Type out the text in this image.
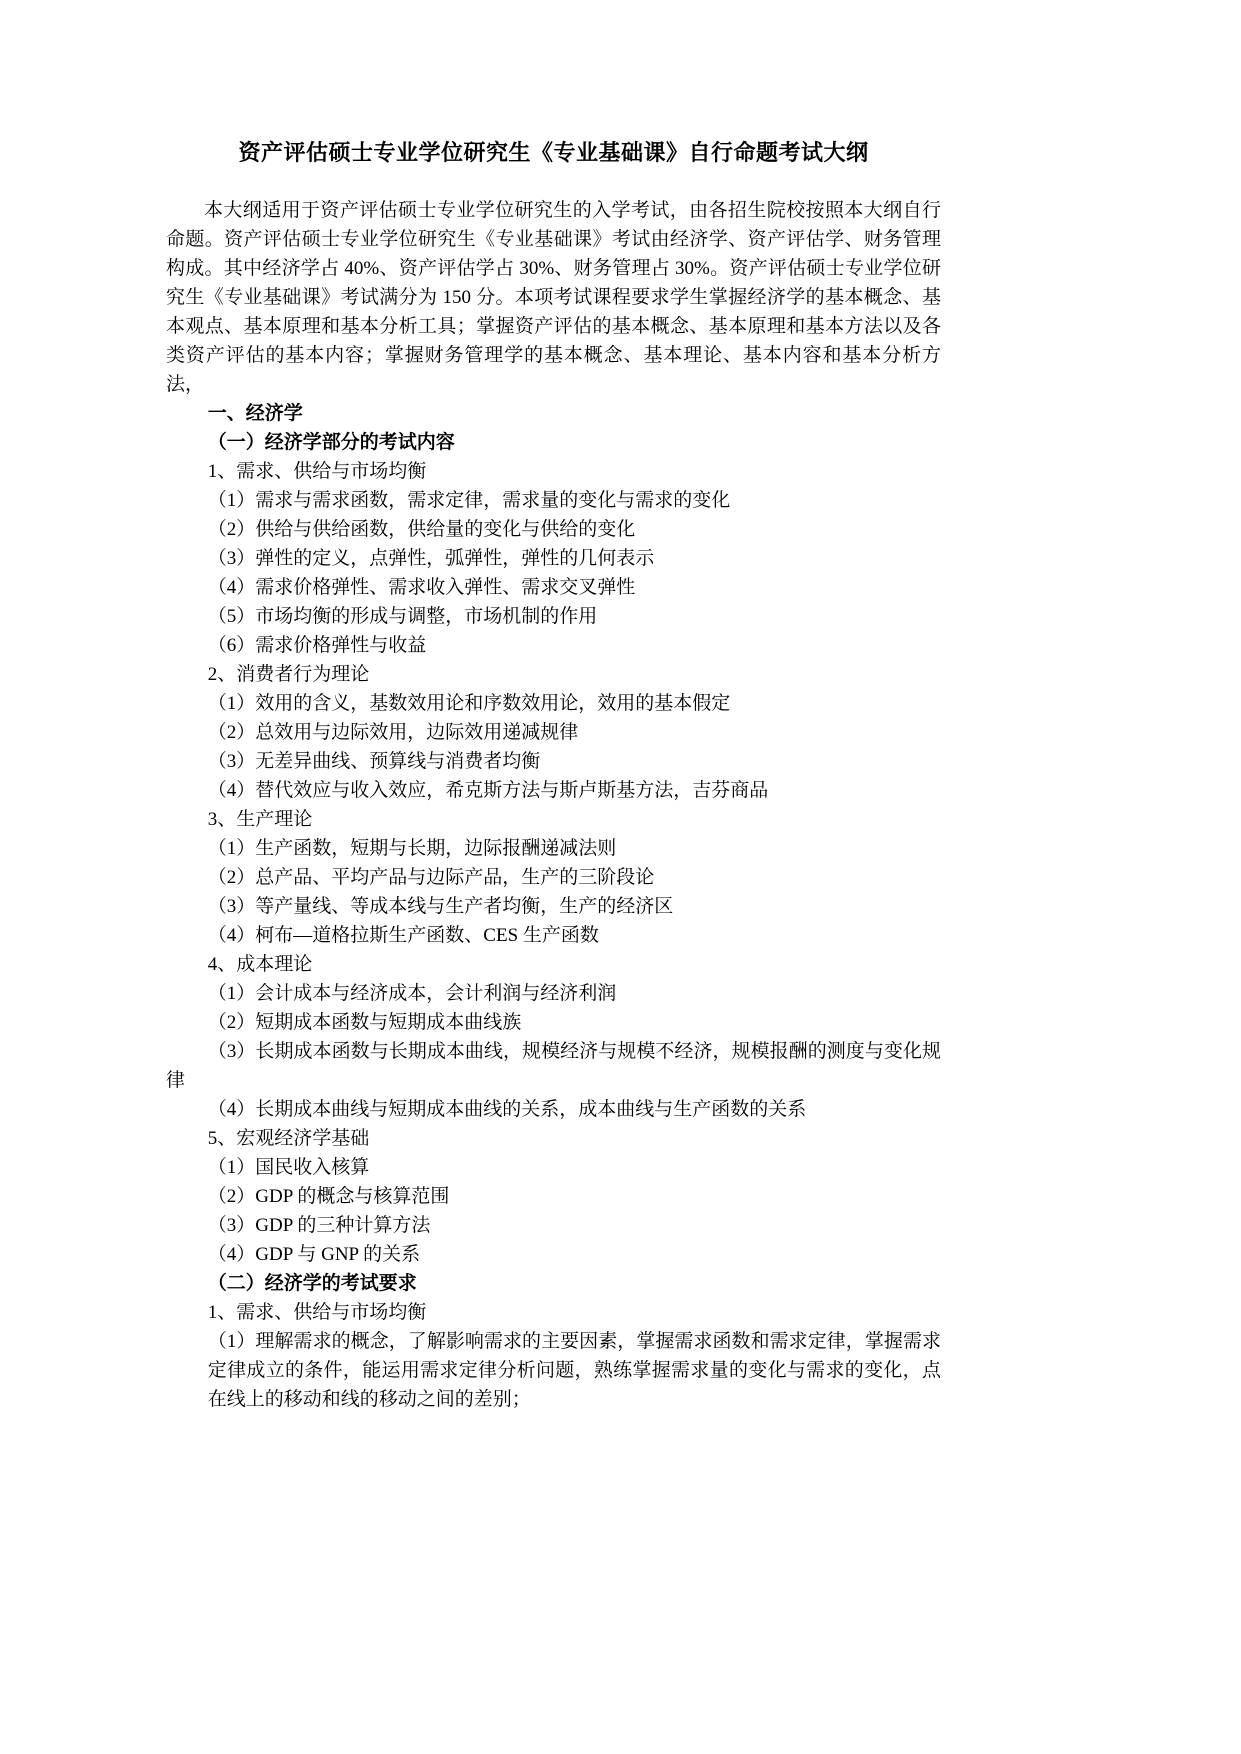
资产评估硕士专业学位研究生《专业基础课》自行命题考试大纲

本大纲适用于资产评估硕士专业学位研究生的入学考试，由各招生院校按照本大纲自行命题。资产评估硕士专业学位研究生《专业基础课》考试由经济学、资产评估学、财务管理构成。其中经济学占 40%、资产评估学占 30%、财务管理占 30%。资产评估硕士专业学位研究生《专业基础课》考试满分为 150 分。本项考试课程要求学生掌握经济学的基本概念、基本观点、基本原理和基本分析工具；掌握资产评估的基本概念、基本原理和基本方法以及各类资产评估的基本内容；掌握财务管理学的基本概念、基本理论、基本内容和基本分析方法，

一、经济学

（一）经济学部分的考试内容

1、需求、供给与市场均衡

（1）需求与需求函数，需求定律，需求量的变化与需求的变化

（2）供给与供给函数，供给量的变化与供给的变化

（3）弹性的定义，点弹性，弧弹性，弹性的几何表示

（4）需求价格弹性、需求收入弹性、需求交叉弹性

（5）市场均衡的形成与调整，市场机制的作用

（6）需求价格弹性与收益

2、消费者行为理论

（1）效用的含义，基数效用论和序数效用论，效用的基本假定

（2）总效用与边际效用，边际效用递减规律

（3）无差异曲线、预算线与消费者均衡

（4）替代效应与收入效应，希克斯方法与斯卢斯基方法，吉芬商品

3、生产理论

（1）生产函数，短期与长期，边际报酬递减法则

（2）总产品、平均产品与边际产品，生产的三阶段论

（3）等产量线、等成本线与生产者均衡，生产的经济区

（4）柯布—道格拉斯生产函数、CES 生产函数

4、成本理论

（1）会计成本与经济成本，会计利润与经济利润

（2）短期成本函数与短期成本曲线族

（3）长期成本函数与长期成本曲线，规模经济与规模不经济，规模报酬的测度与变化规律

（4）长期成本曲线与短期成本曲线的关系，成本曲线与生产函数的关系

5、宏观经济学基础

（1）国民收入核算

（2）GDP 的概念与核算范围

（3）GDP 的三种计算方法

（4）GDP 与 GNP 的关系

（二）经济学的考试要求

1、需求、供给与市场均衡

（1）理解需求的概念，了解影响需求的主要因素，掌握需求函数和需求定律，掌握需求定律成立的条件，能运用需求定律分析问题，熟练掌握需求量的变化与需求的变化，点在线上的移动和线的移动之间的差别；
